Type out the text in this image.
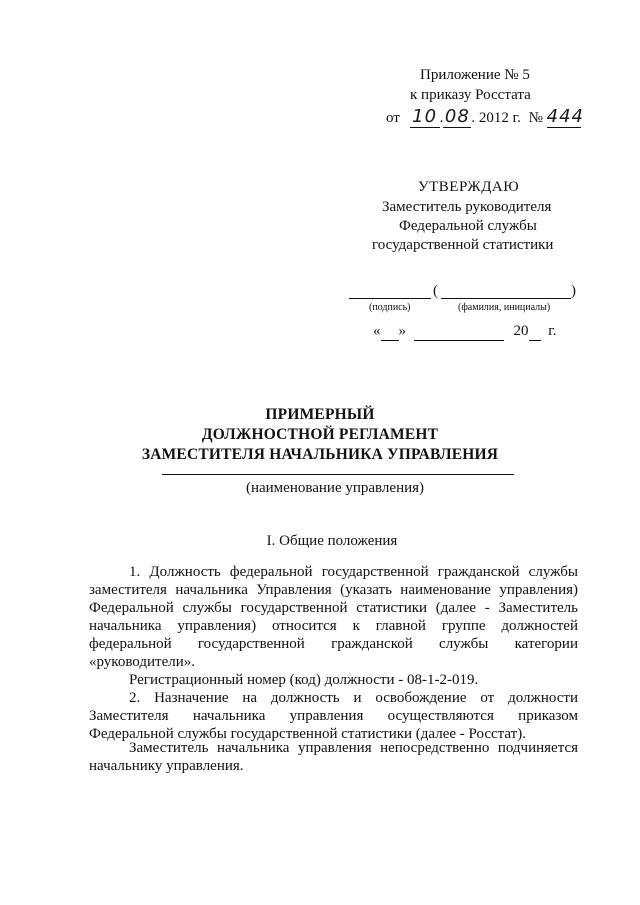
Приложение № 5
к приказу Росстата
от 10 .08 . 2012 г. № 444
УТВЕРЖДАЮ
Заместитель руководителя
Федеральной службы
государственной статистики
(	)
(подпись)	(фамилия, инициалы)
« »	20 г.
ПРИМЕРНЫЙ
ДОЛЖНОСТНОЙ РЕГЛАМЕНТ
ЗАМЕСТИТЕЛЯ НАЧАЛЬНИКА УПРАВЛЕНИЯ
(наименование управления)
I. Общие положения
1. Должность федеральной государственной гражданской службы заместителя начальника Управления (указать наименование управления) Федеральной службы государственной статистики (далее - Заместитель начальника управления) относится к главной группе должностей федеральной государственной гражданской службы категории «руководители».
Регистрационный номер (код) должности - 08-1-2-019.
2. Назначение на должность и освобождение от должности Заместителя начальника управления осуществляются приказом Федеральной службы государственной статистики (далее - Росстат).
Заместитель начальника управления непосредственно подчиняется начальнику управления.
